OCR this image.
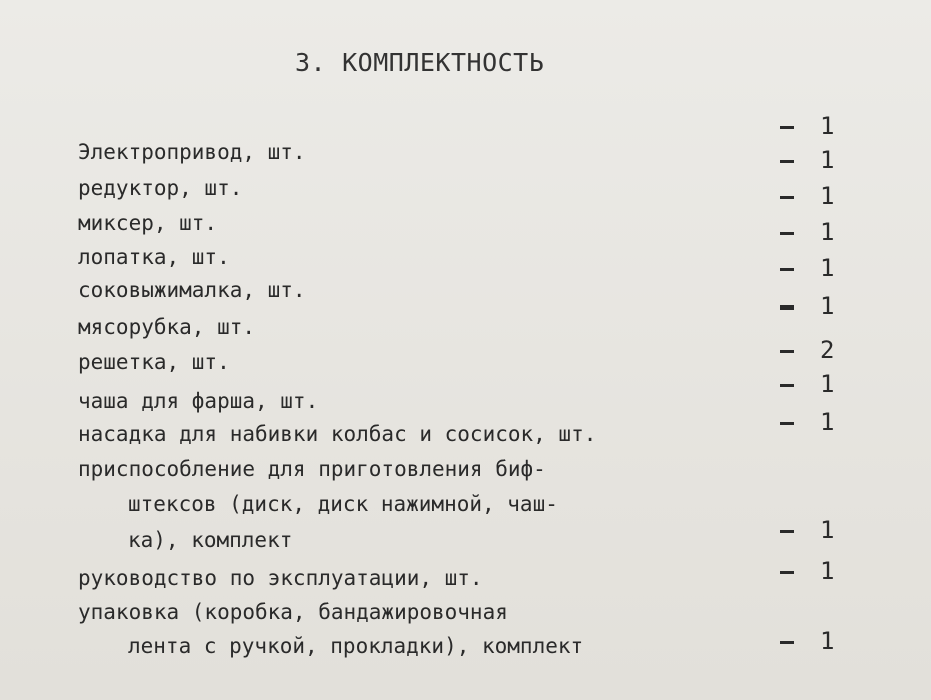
3. КОМПЛЕКТНОСТЬ
Электропривод, шт.
редуктор, шт.
миксер, шт.
лопатка, шт.
соковыжималка, шт.
мясорубка, шт.
решетка, шт.
чаша для фарша, шт.
насадка для набивки колбас и сосисок, шт.
приспособление для приготовления биф-
штексов (диск, диск нажимной, чаш-
ка), комплект
руководство по эксплуатации, шт.
упаковка (коробка, бандажировочная
лента с ручкой, прокладки), комплект
1
1
1
1
1
1
2
1
1
1
1
1
